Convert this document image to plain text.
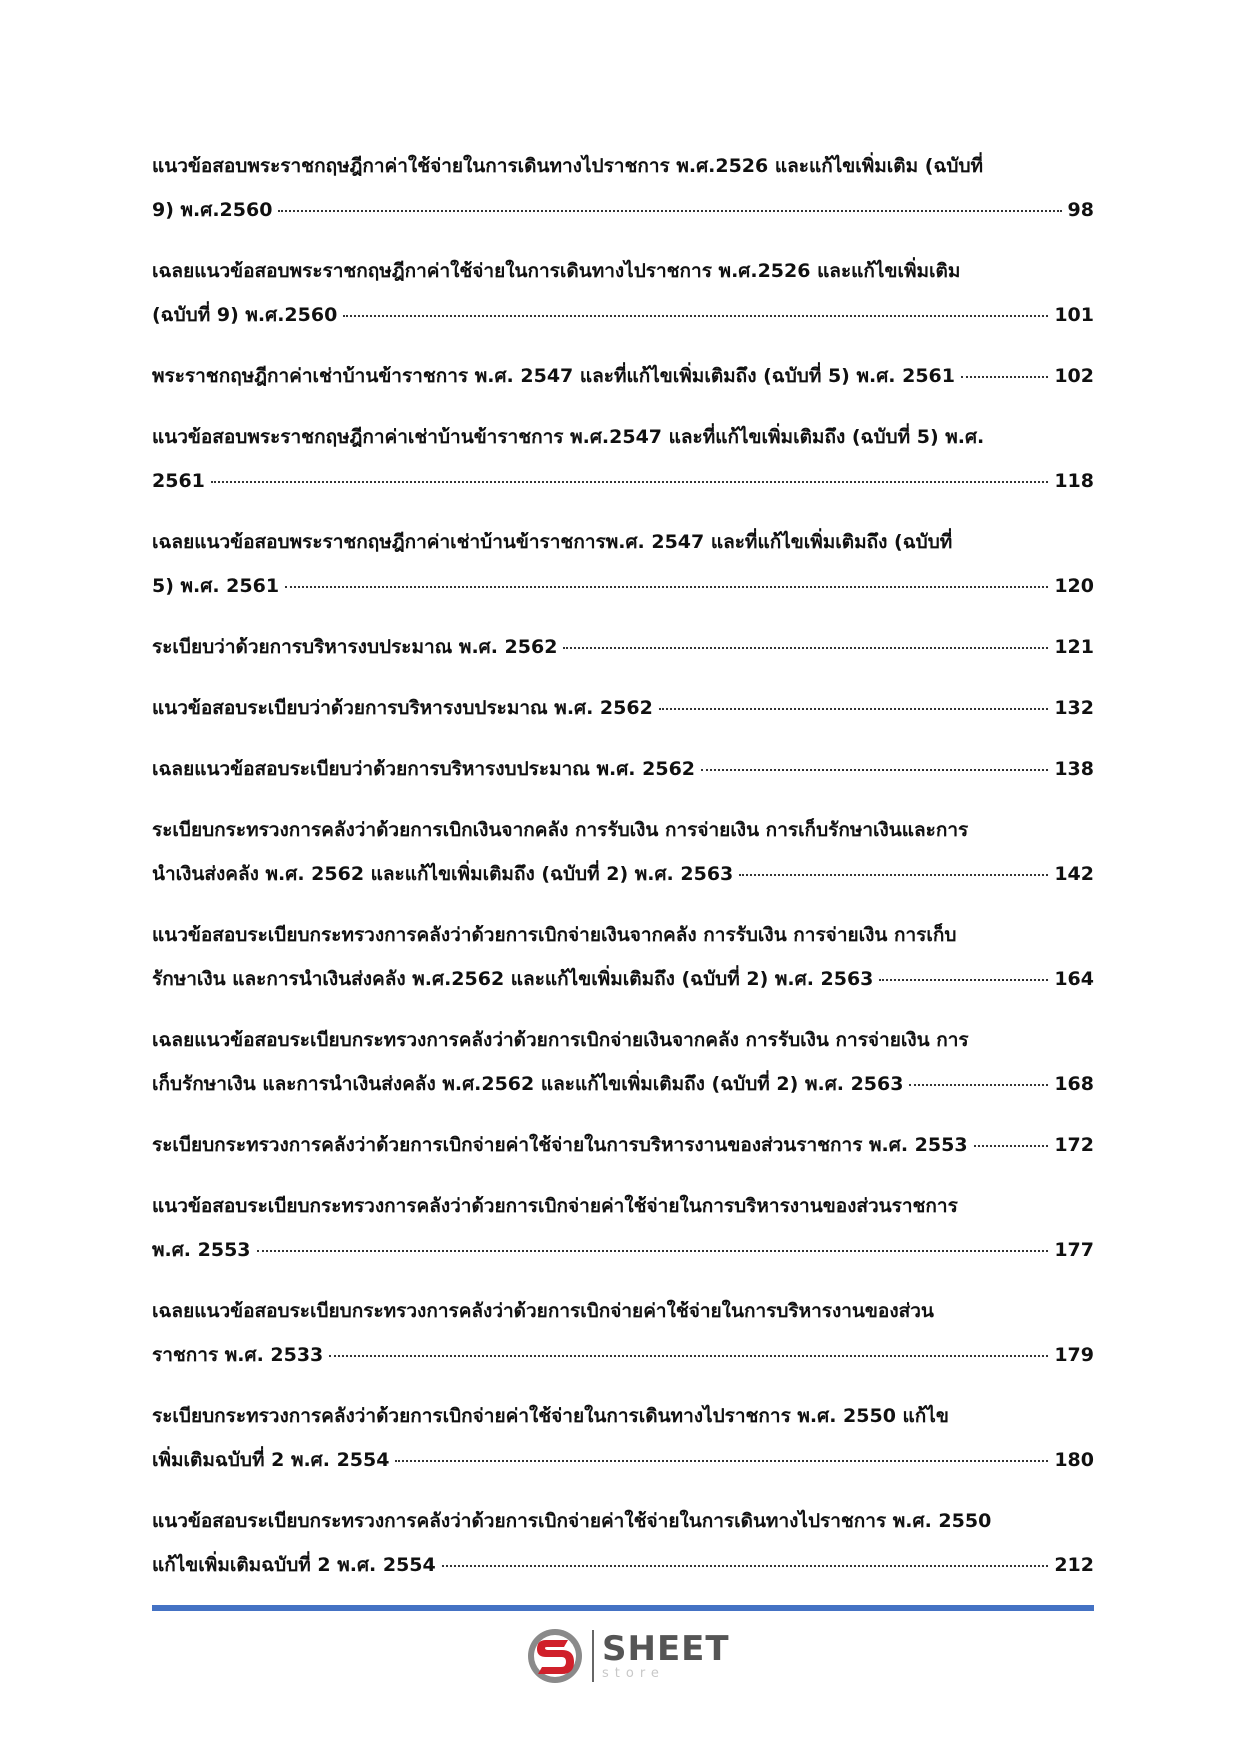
แนวข้อสอบพระราชกฤษฎีกาค่าใช้จ่ายในการเดินทางไปราชการ พ.ศ.2526 และแก้ไขเพิ่มเติม (ฉบับที่
9) พ.ศ.2560	98
เฉลยแนวข้อสอบพระราชกฤษฎีกาค่าใช้จ่ายในการเดินทางไปราชการ พ.ศ.2526 และแก้ไขเพิ่มเติม
(ฉบับที่ 9) พ.ศ.2560	101
พระราชกฤษฎีกาค่าเช่าบ้านข้าราชการ พ.ศ. 2547 และที่แก้ไขเพิ่มเติมถึง (ฉบับที่ 5) พ.ศ. 2561	102
แนวข้อสอบพระราชกฤษฎีกาค่าเช่าบ้านข้าราชการ พ.ศ.2547 และที่แก้ไขเพิ่มเติมถึง (ฉบับที่ 5) พ.ศ.
2561	118
เฉลยแนวข้อสอบพระราชกฤษฎีกาค่าเช่าบ้านข้าราชการพ.ศ. 2547 และที่แก้ไขเพิ่มเติมถึง (ฉบับที่
5) พ.ศ. 2561	120
ระเบียบว่าด้วยการบริหารงบประมาณ พ.ศ. 2562	121
แนวข้อสอบระเบียบว่าด้วยการบริหารงบประมาณ พ.ศ. 2562	132
เฉลยแนวข้อสอบระเบียบว่าด้วยการบริหารงบประมาณ พ.ศ. 2562	138
ระเบียบกระทรวงการคลังว่าด้วยการเบิกเงินจากคลัง การรับเงิน การจ่ายเงิน การเก็บรักษาเงินและการ
นำเงินส่งคลัง พ.ศ. 2562 และแก้ไขเพิ่มเติมถึง (ฉบับที่ 2) พ.ศ. 2563	142
แนวข้อสอบระเบียบกระทรวงการคลังว่าด้วยการเบิกจ่ายเงินจากคลัง การรับเงิน การจ่ายเงิน การเก็บ
รักษาเงิน และการนำเงินส่งคลัง พ.ศ.2562 และแก้ไขเพิ่มเติมถึง (ฉบับที่ 2) พ.ศ. 2563	164
เฉลยแนวข้อสอบระเบียบกระทรวงการคลังว่าด้วยการเบิกจ่ายเงินจากคลัง การรับเงิน การจ่ายเงิน การ
เก็บรักษาเงิน และการนำเงินส่งคลัง พ.ศ.2562 และแก้ไขเพิ่มเติมถึง (ฉบับที่ 2) พ.ศ. 2563	168
ระเบียบกระทรวงการคลังว่าด้วยการเบิกจ่ายค่าใช้จ่ายในการบริหารงานของส่วนราชการ พ.ศ. 2553	172
แนวข้อสอบระเบียบกระทรวงการคลังว่าด้วยการเบิกจ่ายค่าใช้จ่ายในการบริหารงานของส่วนราชการ
พ.ศ. 2553	177
เฉลยแนวข้อสอบระเบียบกระทรวงการคลังว่าด้วยการเบิกจ่ายค่าใช้จ่ายในการบริหารงานของส่วน
ราชการ พ.ศ. 2533	179
ระเบียบกระทรวงการคลังว่าด้วยการเบิกจ่ายค่าใช้จ่ายในการเดินทางไปราชการ พ.ศ. 2550 แก้ไข
เพิ่มเติมฉบับที่ 2 พ.ศ. 2554	180
แนวข้อสอบระเบียบกระทรวงการคลังว่าด้วยการเบิกจ่ายค่าใช้จ่ายในการเดินทางไปราชการ พ.ศ. 2550
แก้ไขเพิ่มเติมฉบับที่ 2 พ.ศ. 2554	212
SHEET
store
